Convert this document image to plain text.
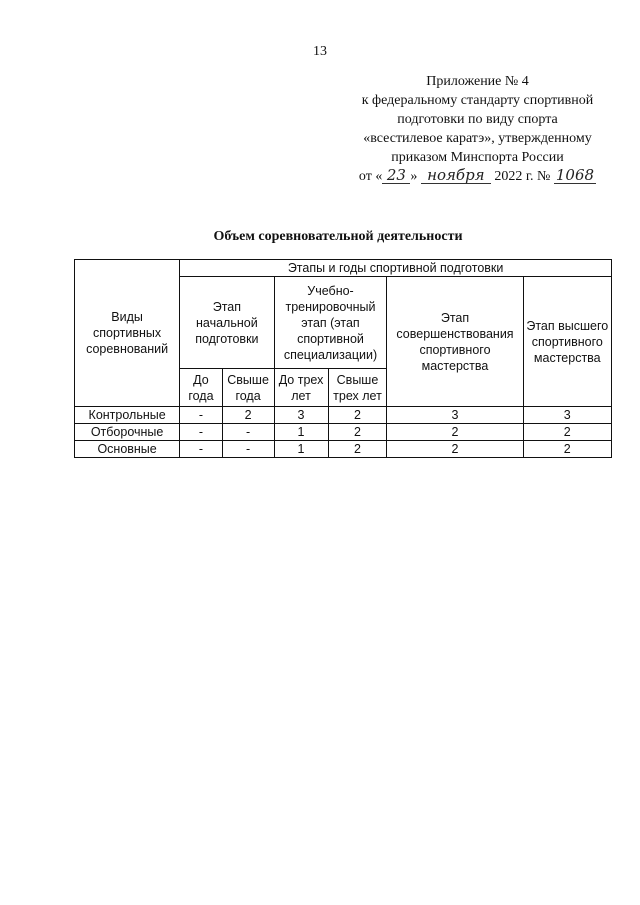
13
Приложение № 4
к федеральному стандарту спортивной
подготовки по виду спорта
«всестилевое каратэ», утвержденному
приказом Минспорта России
от « 23 » ноября 2022 г. № 1068
Объем соревновательной деятельности
Виды спортивных соревнований	Этапы и годы спортивной подготовки					
	Этап начальной подготовки		Учебно-тренировочный этап (этап спортивной специализации)		Этап совершенствования спортивного мастерства	Этап высшего спортивного мастерства
	До года	Свыше года	До трех лет	Свыше трех лет		
Контрольные	-	2	3	2	3	3
Отборочные	-	-	1	2	2	2
Основные	-	-	1	2	2	2
